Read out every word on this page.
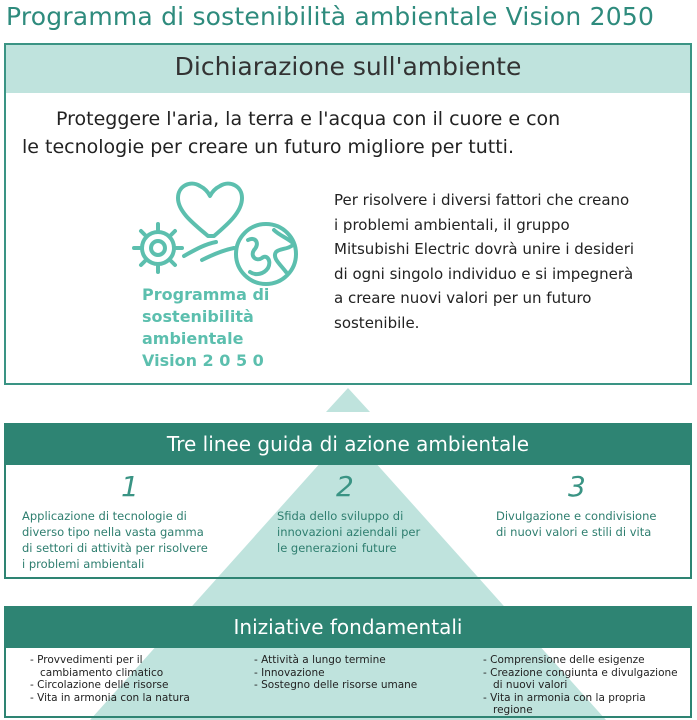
Programma di sostenibilità ambientale Vision 2050
Dichiarazione sull'ambiente
Proteggere l'aria, la terra e l'acqua con il cuore e con
le tecnologie per creare un futuro migliore per tutti.
Programma di
sostenibilità
ambientale
Vision 2 0 5 0
Per risolvere i diversi fattori che creano
i problemi ambientali, il gruppo
Mitsubishi Electric dovrà unire i desideri
di ogni singolo individuo e si impegnerà
a creare nuovi valori per un futuro
sostenibile.
Tre linee guida di azione ambientale
1
Applicazione di tecnologie di
diverso tipo nella vasta gamma
di settori di attività per risolvere
i problemi ambientali
2
Sfida dello sviluppo di
innovazioni aziendali per
le generazioni future
3
Divulgazione e condivisione
di nuovi valori e stili di vita
Iniziative fondamentali
- Provvedimenti per il
cambiamento climatico
- Circolazione delle risorse
- Vita in armonia con la natura
- Attività a lungo termine
- Innovazione
- Sostegno delle risorse umane
- Comprensione delle esigenze
- Creazione congiunta e divulgazione
di nuovi valori
- Vita in armonia con la propria
regione
